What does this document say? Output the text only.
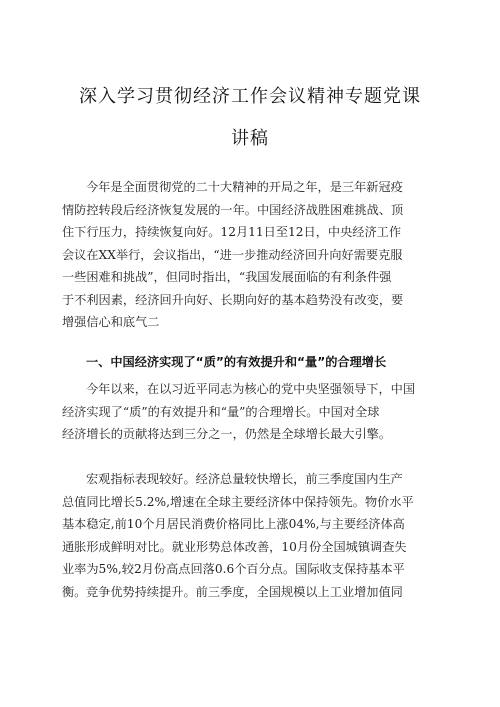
深入学习贯彻经济工作会议精神专题党课
讲稿
今年是全面贯彻党的二十大精神的开局之年，是三年新冠疫
情防控转段后经济恢复发展的一年。中国经济战胜困难挑战、顶
住下行压力，持续恢复向好。12月11日至12日，中央经济工作
会议在XX举行，会议指出，“进一步推动经济回升向好需要克服
一些困难和挑战”，但同时指出，“我国发展面临的有利条件强
于不利因素，经济回升向好、长期向好的基本趋势没有改变，要
增强信心和底气二
一、中国经济实现了“质”的有效提升和“量”的合理增长
今年以来，在以习近平同志为核心的党中央坚强领导下，中国
经济实现了“质”的有效提升和“量”的合理增长。中国对全球
经济增长的贡献将达到三分之一，仍然是全球增长最大引擎。
宏观指标表现较好。经济总量较快增长，前三季度国内生产
总值同比增长5.2%,增速在全球主要经济体中保持领先。物价水平
基本稳定,前10个月居民消费价格同比上涨04%,与主要经济体高
通胀形成鲜明对比。就业形势总体改善，10月份全国城镇调查失
业率为5%,较2月份高点回落0.6个百分点。国际收支保持基本平
衡。 竞争优势持续提升。前三季度，全国规模以上工业增加值同
